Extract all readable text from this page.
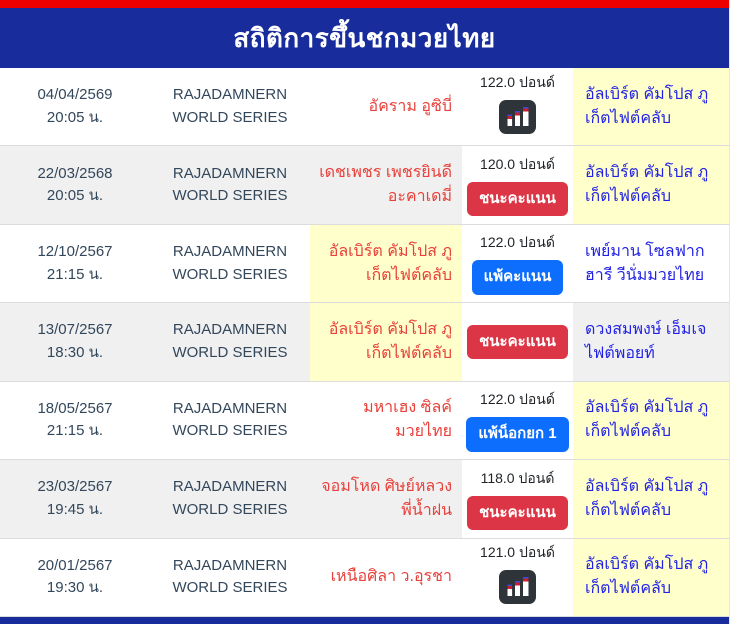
สถิติการขึ้นชกมวยไทย
04/04/2569
20:05 น.
RAJADAMNERN WORLD SERIES
อัคราม อูซิบี่
122.0 ปอนด์
อัลเบิร์ต คัมโปส ภูเก็ตไฟต์คลับ
22/03/2568
20:05 น.
RAJADAMNERN WORLD SERIES
เดชเพชร เพชรยินดีอะคาเดมี่
120.0 ปอนด์
ชนะคะแนน
อัลเบิร์ต คัมโปส ภูเก็ตไฟต์คลับ
12/10/2567
21:15 น.
RAJADAMNERN WORLD SERIES
อัลเบิร์ต คัมโปส ภูเก็ตไฟต์คลับ
122.0 ปอนด์
แพ้คะแนน
เพย์มาน โซลฟาก ฮารี วีนั่มมวยไทย
13/07/2567
18:30 น.
RAJADAMNERN WORLD SERIES
อัลเบิร์ต คัมโปส ภูเก็ตไฟต์คลับ
ชนะคะแนน
ดวงสมพงษ์ เอ็มเจไฟต์พอยท์
18/05/2567
21:15 น.
RAJADAMNERN WORLD SERIES
มหาเฮง ซิลค์ มวยไทย
122.0 ปอนด์
แพ้น็อกยก 1
อัลเบิร์ต คัมโปส ภูเก็ตไฟต์คลับ
23/03/2567
19:45 น.
RAJADAMNERN WORLD SERIES
จอมโหด ศิษย์หลวงพี่น้ำฝน
118.0 ปอนด์
ชนะคะแนน
อัลเบิร์ต คัมโปส ภูเก็ตไฟต์คลับ
20/01/2567
19:30 น.
RAJADAMNERN WORLD SERIES
เหนือศิลา ว.อุรชา
121.0 ปอนด์
อัลเบิร์ต คัมโปส ภูเก็ตไฟต์คลับ
